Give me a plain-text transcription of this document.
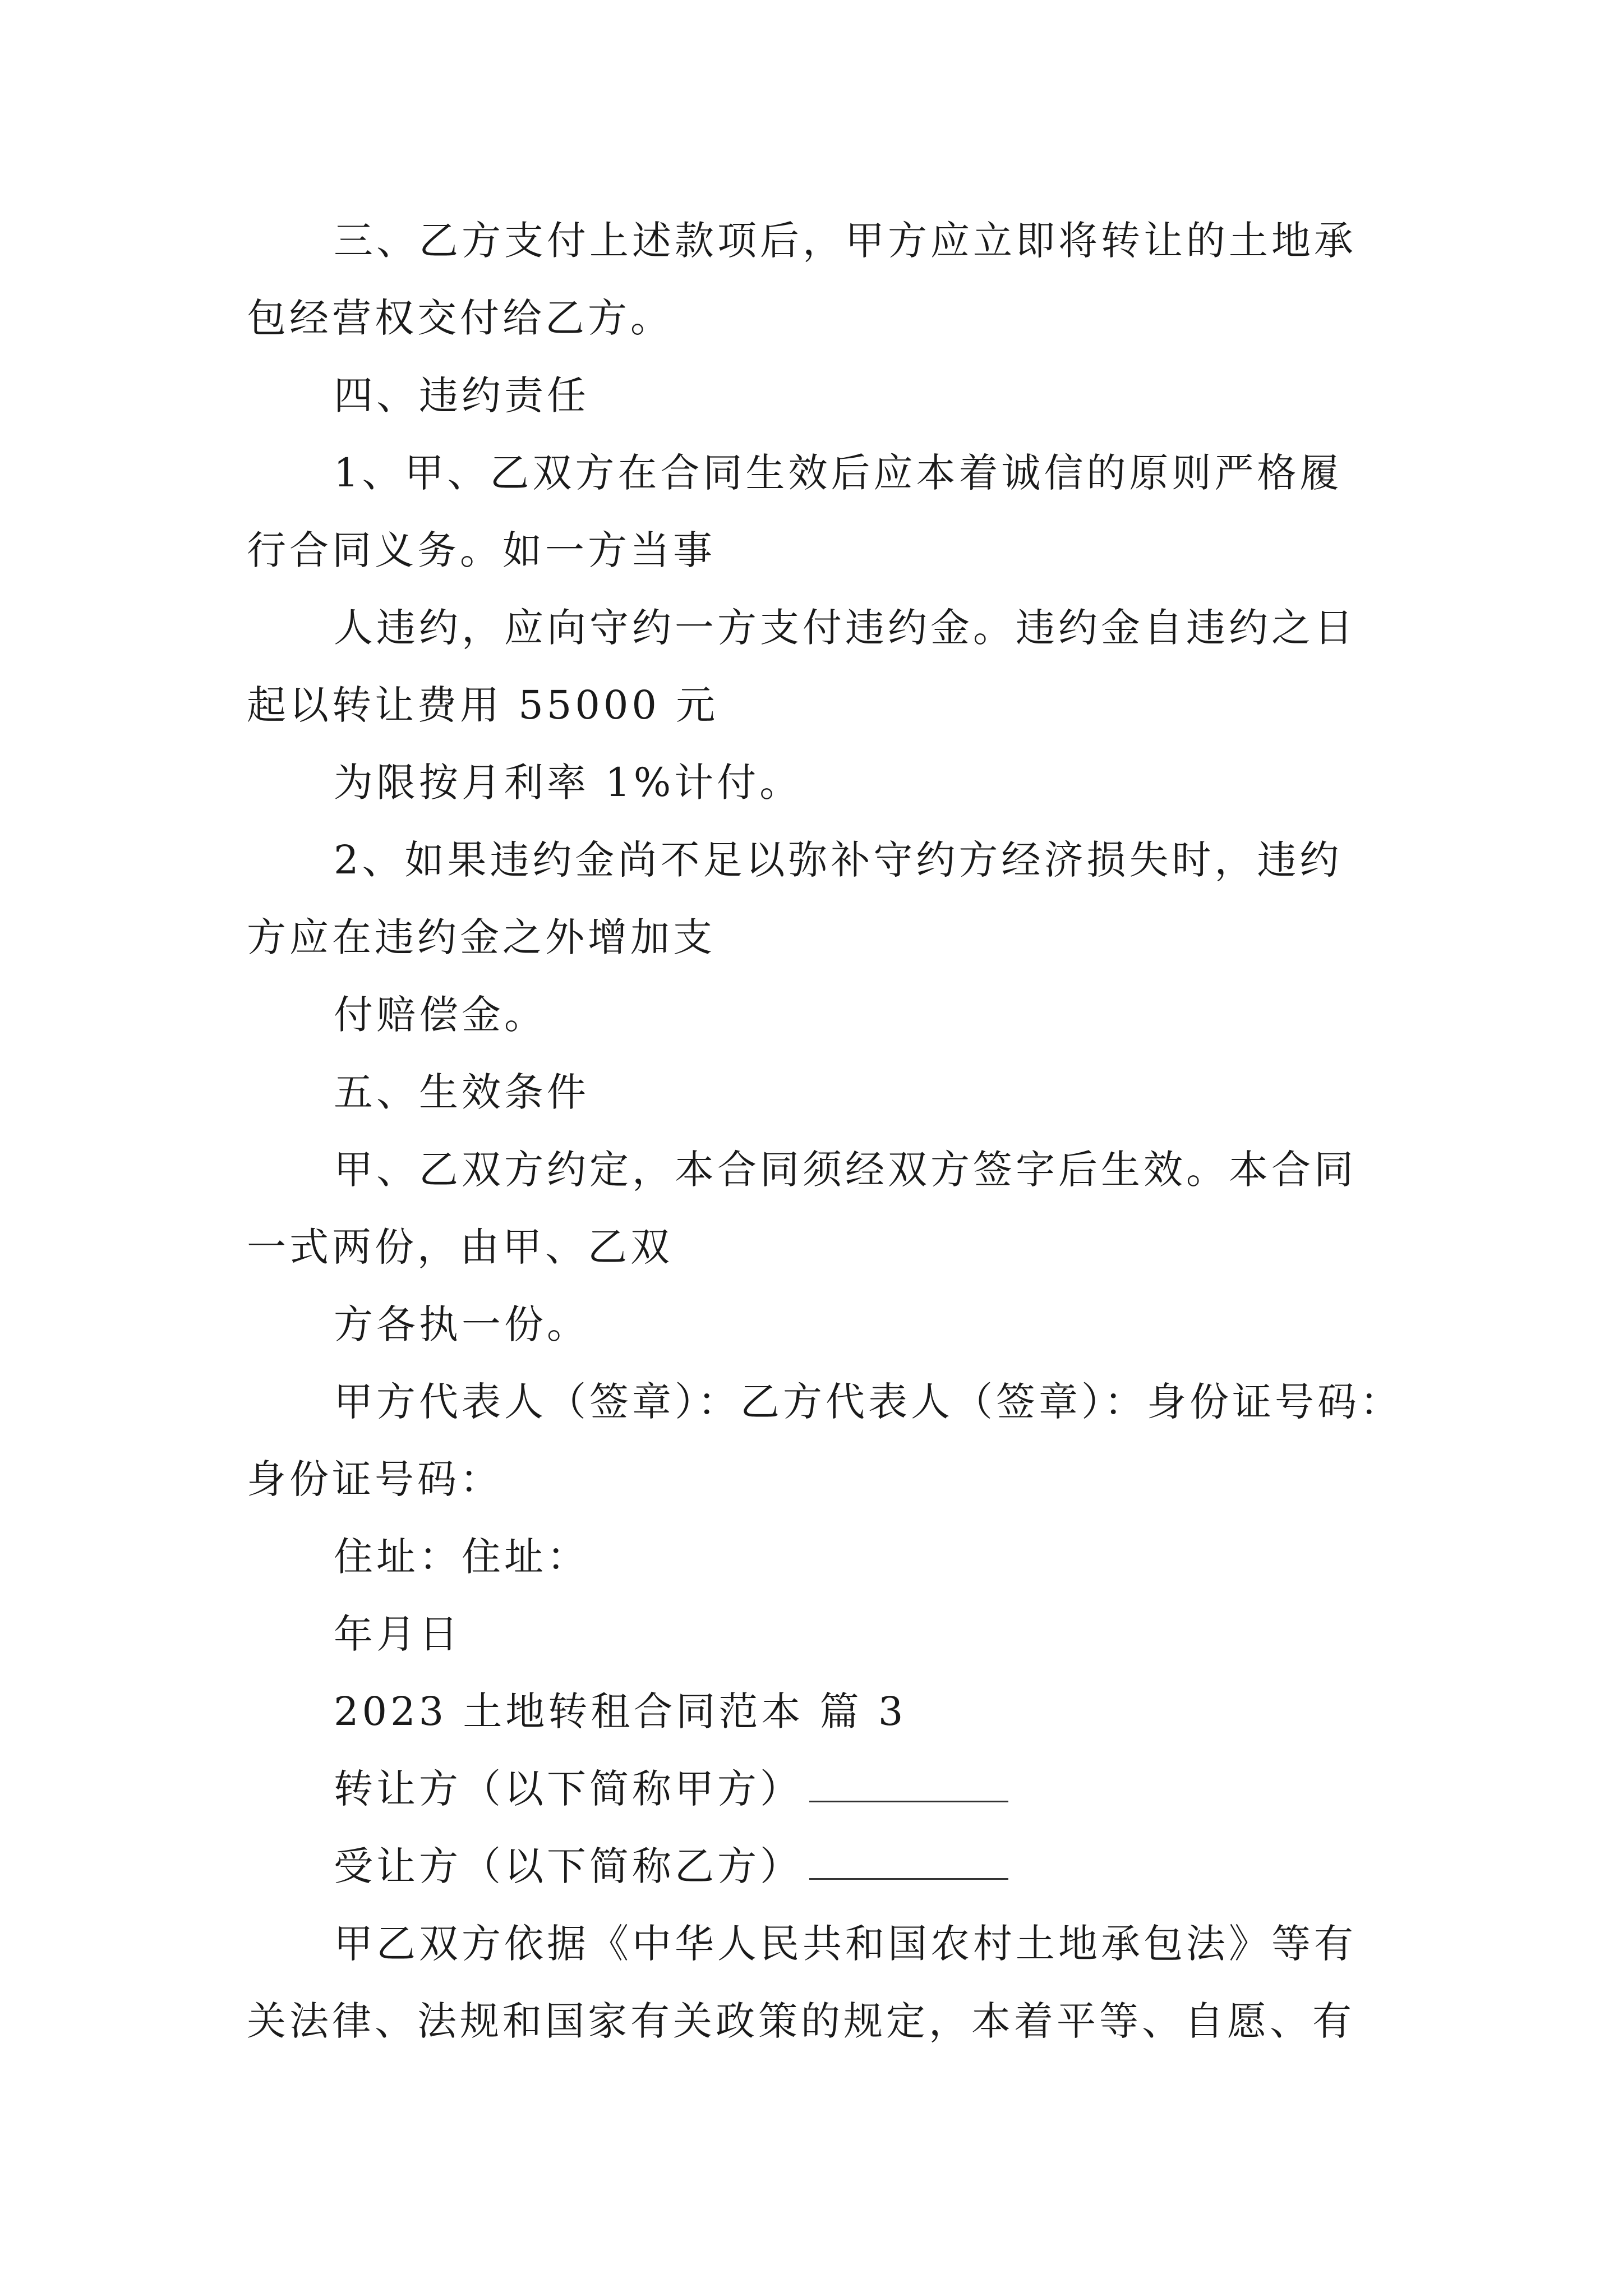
三、乙方支付上述款项后，甲方应立即将转让的土地承
包经营权交付给乙方。
四、违约责任
1、甲、乙双方在合同生效后应本着诚信的原则严格履
行合同义务。如一方当事
人违约，应向守约一方支付违约金。违约金自违约之日
起以转让费用 55000 元
为限按月利率 1%计付。
2、如果违约金尚不足以弥补守约方经济损失时，违约
方应在违约金之外增加支
付赔偿金。
五、生效条件
甲、乙双方约定，本合同须经双方签字后生效。本合同
一式两份，由甲、乙双
方各执一份。
甲方代表人（签章）：乙方代表人（签章）：身份证号码：
身份证号码：
住址：住址：
年月日
2023 土地转租合同范本 篇 3
转让方（以下简称甲方）
受让方（以下简称乙方）
甲乙双方依据《中华人民共和国农村土地承包法》等有
关法律、法规和国家有关政策的规定，本着平等、自愿、有
